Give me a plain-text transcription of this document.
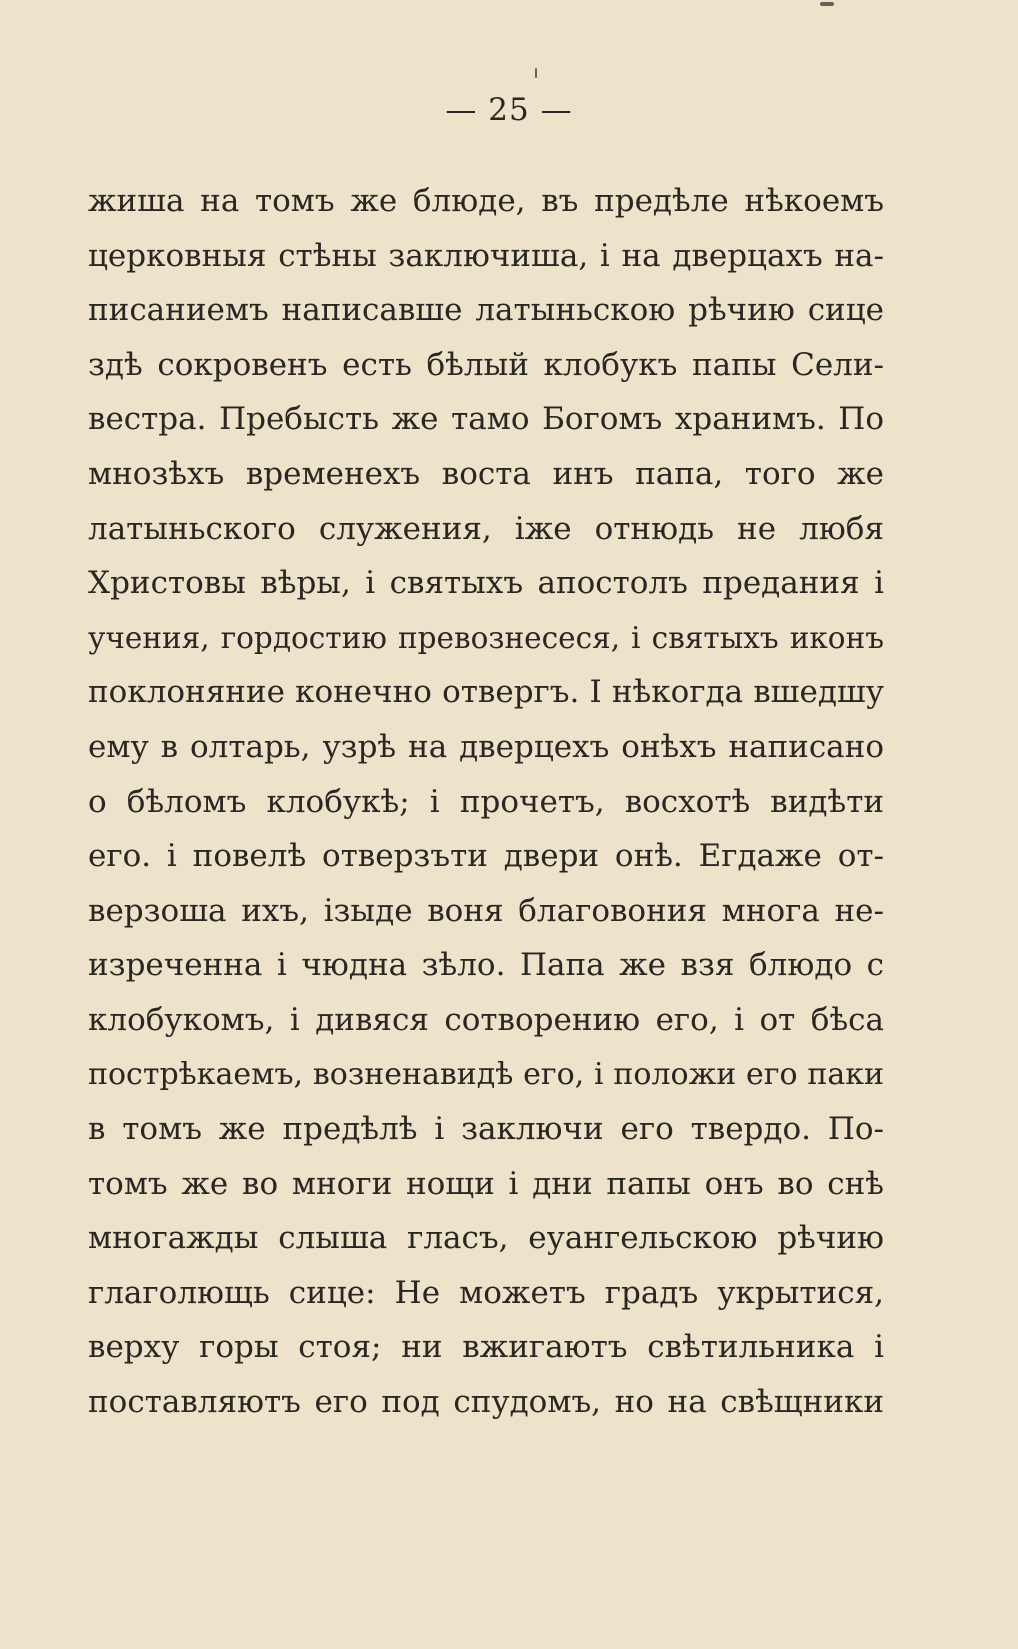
— 25 —
жиша на томъ же блюде, въ предѣле нѣкоемъ
церковныя стѣны заключиша, і на дверцахъ на-
писаниемъ написавше латыньскою рѣчию сице
здѣ сокровенъ есть бѣлый клобукъ папы Сели-
вестра. Пребысть же тамо Богомъ хранимъ. По
мнозѣхъ временехъ воста инъ папа, того же
латыньского служения, іже отнюдь не любя
Христовы вѣры, і святыхъ апостолъ предания і
учения, гордостию превознесеся, і святыхъ иконъ
поклоняние конечно отвергъ. І нѣкогда вшедшу
ему в олтарь, узрѣ на дверцехъ онѣхъ написано
о бѣломъ клобукѣ; і прочетъ, восхотѣ видѣти
его. і повелѣ отверзъти двери онѣ. Егдаже от-
верзоша ихъ, ізыде воня благовония многа не-
изреченна і чюдна зѣло. Папа же взя блюдо с
клобукомъ, і дивяся сотворению его, і от бѣса
пострѣкаемъ, возненавидѣ его, і положи его паки
в томъ же предѣлѣ і заключи его твердо. По-
томъ же во многи нощи і дни папы онъ во снѣ
многажды слыша гласъ, еуангельскою рѣчию
глаголющь сице: Не можетъ градъ укрытися,
верху горы стоя; ни вжигаютъ свѣтильника і
поставляютъ его под спудомъ, но на свѣщники
